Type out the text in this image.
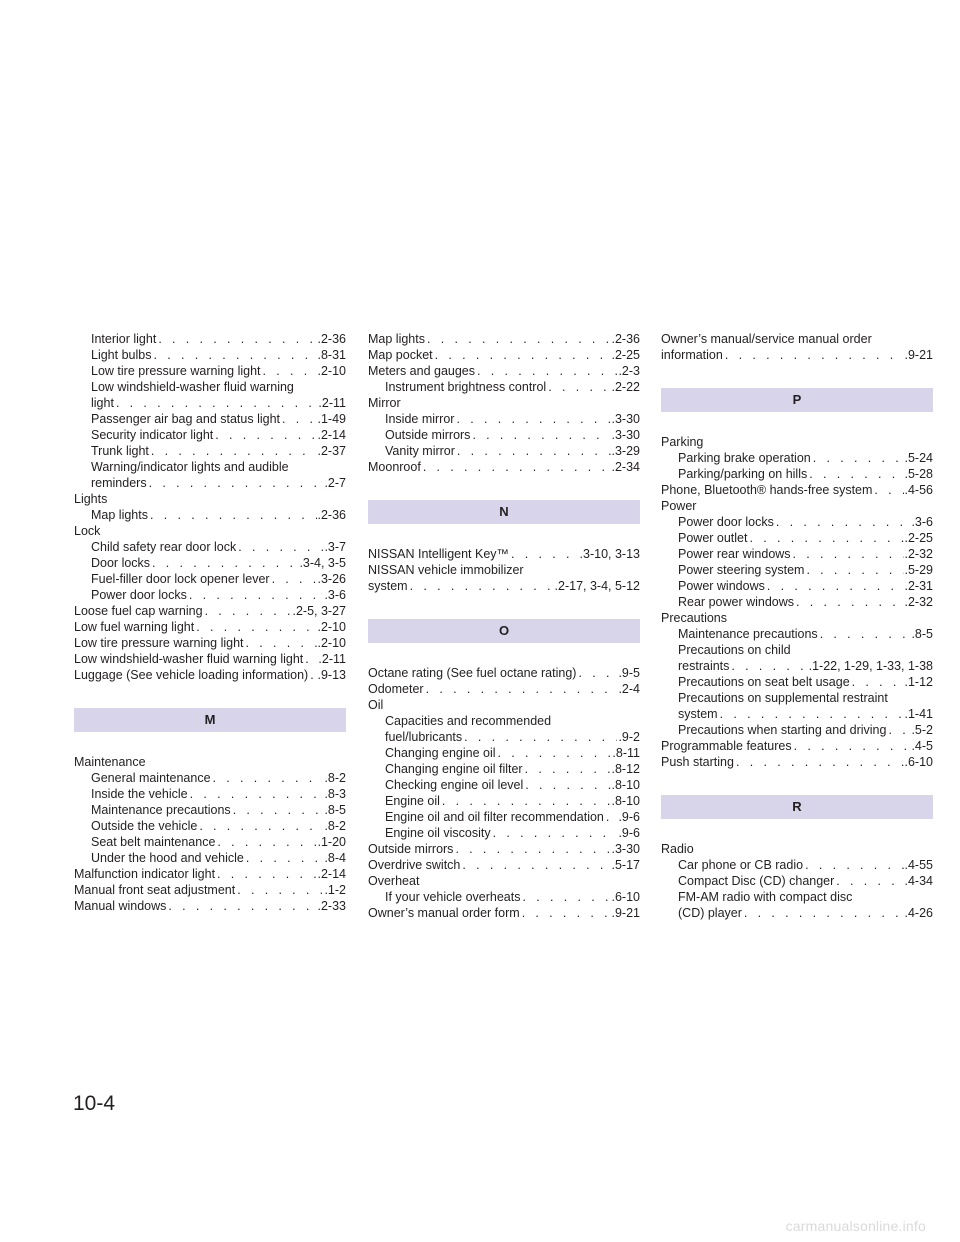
Interior light . . .	.2-36
Light bulbs . . .	.8-31
Low tire pressure warning light . . .	.2-10
Low windshield-washer fluid warning
light . . .	.2-11
Passenger air bag and status light . . .	.1-49
Security indicator light . . .	.2-14
Trunk light . . .	.2-37
Warning/indicator lights and audible
reminders . . .	.2-7
Lights
Map lights . . .	.2-36
Lock
Child safety rear door lock . . .	.3-7
Door locks . . .	.3-4, 3-5
Fuel-filler door lock opener lever . . .	.3-26
Power door locks . . .	.3-6
Loose fuel cap warning . . .	.2-5, 3-27
Low fuel warning light . . .	.2-10
Low tire pressure warning light . . .	.2-10
Low windshield-washer fluid warning light . . . .2-11
Luggage (See vehicle loading information) . . . .9-13
M
Maintenance
General maintenance . . .	.8-2
Inside the vehicle . . .	.8-3
Maintenance precautions . . .	.8-5
Outside the vehicle . . .	.8-2
Seat belt maintenance . . .	.1-20
Under the hood and vehicle . . .	.8-4
Malfunction indicator light . . .	.2-14
Manual front seat adjustment . . .	.1-2
Manual windows . . .	.2-33
Map lights . . .	.2-36
Map pocket . . .	.2-25
Meters and gauges . . .	.2-3
Instrument brightness control . . .	.2-22
Mirror
Inside mirror . . .	.3-30
Outside mirrors . . .	.3-30
Vanity mirror . . .	.3-29
Moonroof . . .	.2-34
N
NISSAN Intelligent Key™ . . .	.3-10, 3-13
NISSAN vehicle immobilizer
system . . .	.2-17, 3-4, 5-12
O
Octane rating (See fuel octane rating) . . .	.9-5
Odometer . . .	.2-4
Oil
Capacities and recommended
fuel/lubricants . . .	.9-2
Changing engine oil . . .	.8-11
Changing engine oil filter . . .	.8-12
Checking engine oil level . . .	.8-10
Engine oil . . .	.8-10
Engine oil and oil filter recommendation . . . .9-6
Engine oil viscosity . . .	.9-6
Outside mirrors . . .	.3-30
Overdrive switch . . .	.5-17
Overheat
If your vehicle overheats . . .	.6-10
Owner’s manual order form . . .	.9-21
Owner’s manual/service manual order
information . . .	.9-21
P
Parking
Parking brake operation . . .	.5-24
Parking/parking on hills . . .	.5-28
Phone, Bluetooth® hands-free system . . .	.4-56
Power
Power door locks . . .	.3-6
Power outlet . . .	.2-25
Power rear windows . . .	.2-32
Power steering system . . .	.5-29
Power windows . . .	.2-31
Rear power windows . . .	.2-32
Precautions
Maintenance precautions . . .	.8-5
Precautions on child
restraints . . .	.1-22, 1-29, 1-33, 1-38
Precautions on seat belt usage . . .	.1-12
Precautions on supplemental restraint
system . . .	.1-41
Precautions when starting and driving . . . .5-2
Programmable features . . .	.4-5
Push starting . . .	.6-10
R
Radio
Car phone or CB radio . . .	.4-55
Compact Disc (CD) changer . . .	.4-34
FM-AM radio with compact disc
(CD) player . . .	.4-26
10-4
carmanualsonline.info
